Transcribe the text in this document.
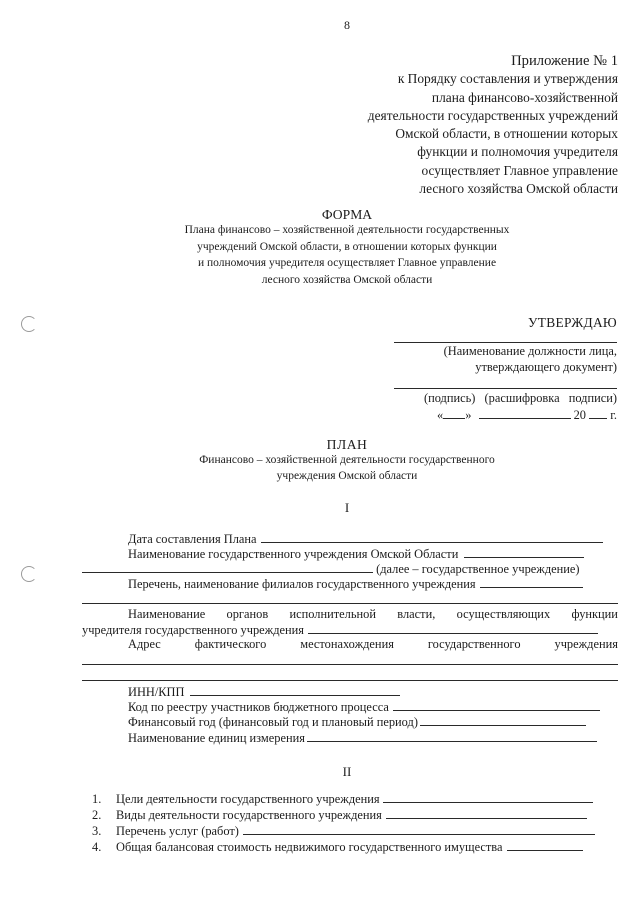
8
Приложение № 1
к Порядку составления и утверждения
плана финансово-хозяйственной
деятельности государственных учреждений
Омской области, в отношении которых
функции и полномочия учредителя
осуществляет Главное управление
лесного хозяйства Омской области
ФОРМА
Плана финансово – хозяйственной деятельности государственных
учреждений Омской области, в отношении которых функции
и полномочия учредителя осуществляет Главное управление
лесного хозяйства Омской области
УТВЕРЖДАЮ
(Наименование должности лица,
утверждающего документ)
(подпись) (расшифровка подписи)
« »	20 г.
ПЛАН
Финансово – хозяйственной деятельности государственного
учреждения Омской области
I
Дата составления Плана
Наименование государственного учреждения Омской Области
(далее – государственное учреждение)
Перечень, наименование филиалов государственного учреждения
Наименование органов исполнительной власти, осуществляющих функции
учредителя государственного учреждения
Адрес	фактического	местонахождения	государственного	учреждения
ИНН/КПП
Код по реестру участников бюджетного процесса
Финансовый год (финансовый год и плановый период)
Наименование единиц измерения
II
1. Цели деятельности государственного учреждения
2. Виды деятельности государственного учреждения
3. Перечень услуг (работ)
4. Общая балансовая стоимость недвижимого государственного имущества
